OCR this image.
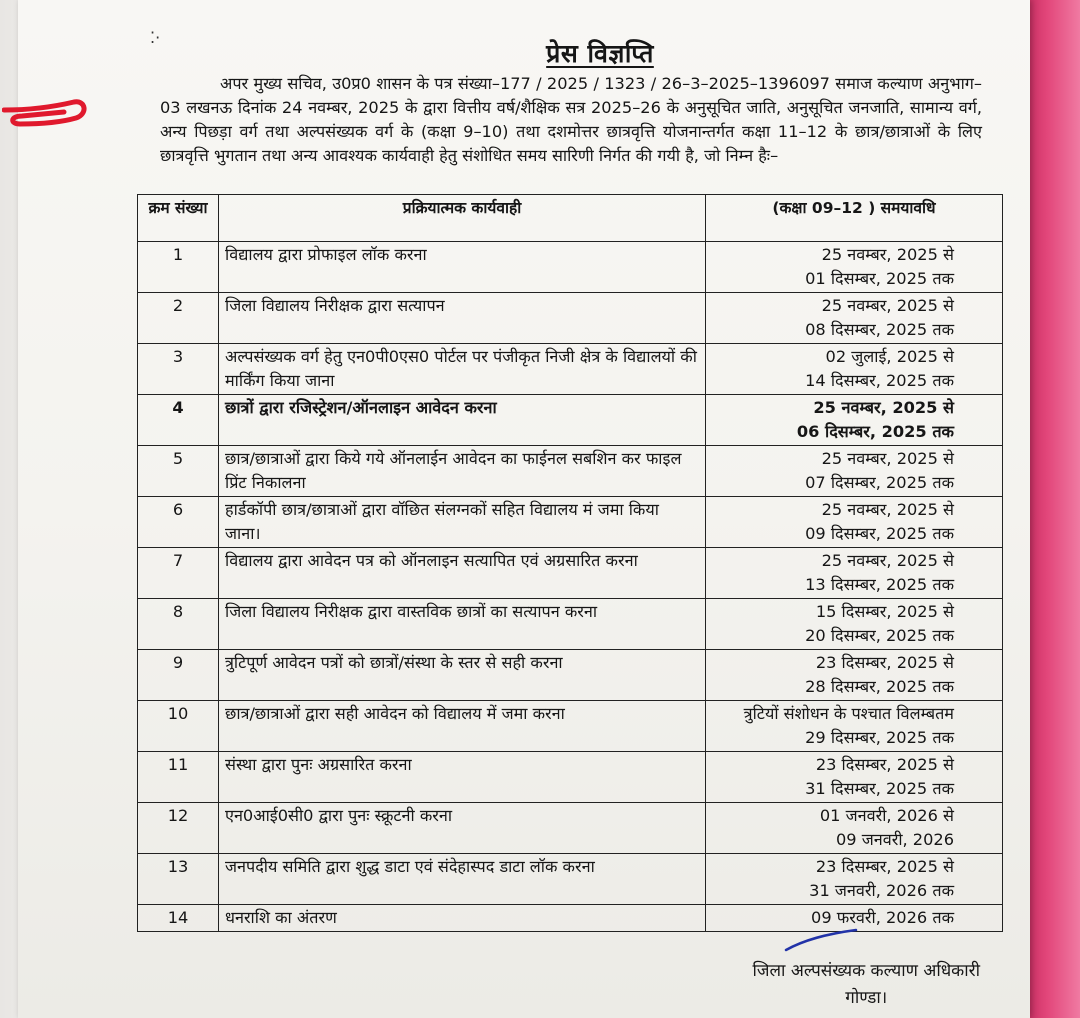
⁚·
प्रेस विज्ञप्ति

अपर मुख्य सचिव, उ0प्र0 शासन के पत्र संख्या–177 / 2025 / 1323 / 26–3–2025–1396097 समाज कल्याण अनुभाग–03 लखनऊ दिनांक 24 नवम्बर, 2025 के द्वारा वित्तीय वर्ष/शैक्षिक सत्र 2025–26 के अनुसूचित जाति, अनुसूचित जनजाति, सामान्य वर्ग, अन्य पिछड़ा वर्ग तथा अल्पसंख्यक वर्ग के (कक्षा 9–10) तथा दशमोत्तर छात्रवृत्ति योजनान्तर्गत कक्षा 11–12 के छात्र/छात्राओं के लिए छात्रवृत्ति भुगतान तथा अन्य आवश्यक कार्यवाही हेतु संशोधित समय सारिणी निर्गत की गयी है, जो निम्न हैः–

क्रम संख्या	प्रक्रियात्मक कार्यवाही	(कक्षा 09–12 ) समयावधि
1	विद्यालय द्वारा प्रोफाइल लॉक करना	25 नवम्बर, 2025 से
01 दिसम्बर, 2025 तक

2	जिला विद्यालय निरीक्षक द्वारा सत्यापन	25 नवम्बर, 2025 से
08 दिसम्बर, 2025 तक

3	अल्पसंख्यक वर्ग हेतु एन0पी0एस0 पोर्टल पर पंजीकृत निजी क्षेत्र के विद्यालयों की मार्किंग किया जाना	02 जुलाई, 2025 से
14 दिसम्बर, 2025 तक

4	छात्रों द्वारा रजिस्ट्रेशन/ऑनलाइन आवेदन करना	25 नवम्बर, 2025 से
06 दिसम्बर, 2025 तक

5	छात्र/छात्राओं द्वारा किये गये ऑनलाईन आवेदन का फाईनल सबशिन कर फाइल प्रिंट निकालना	25 नवम्बर, 2025 से
07 दिसम्बर, 2025 तक

6	हार्डकॉपी छात्र/छात्राओं द्वारा वॉछित संलग्नकों सहित विद्यालय मं जमा किया जाना।	25 नवम्बर, 2025 से
09 दिसम्बर, 2025 तक

7	विद्यालय द्वारा आवेदन पत्र को ऑनलाइन सत्यापित एवं अग्रसारित करना	25 नवम्बर, 2025 से
13 दिसम्बर, 2025 तक

8	जिला विद्यालय निरीक्षक द्वारा वास्तविक छात्रों का सत्यापन करना	15 दिसम्बर, 2025 से
20 दिसम्बर, 2025 तक

9	त्रुटिपूर्ण आवेदन पत्रों को छात्रों/संस्था के स्तर से सही करना	23 दिसम्बर, 2025 से
28 दिसम्बर, 2025 तक

10	छात्र/छात्राओं द्वारा सही आवेदन को विद्यालय में जमा करना	त्रुटियों संशोधन के पश्चात विलम्बतम
29 दिसम्बर, 2025 तक

11	संस्था द्वारा पुनः अग्रसारित करना	23 दिसम्बर, 2025 से
31 दिसम्बर, 2025 तक

12	एन0आई0सी0 द्वारा पुनः स्क्रूटनी करना	01 जनवरी, 2026 से
09 जनवरी, 2026

13	जनपदीय समिति द्वारा शुद्ध डाटा एवं संदेहास्पद डाटा लॉक करना	23 दिसम्बर, 2025 से
31 जनवरी, 2026 तक

14	धनराशि का अंतरण	09 फरवरी, 2026 तक
जिला अल्पसंख्यक कल्याण अधिकारी
गोण्डा।
